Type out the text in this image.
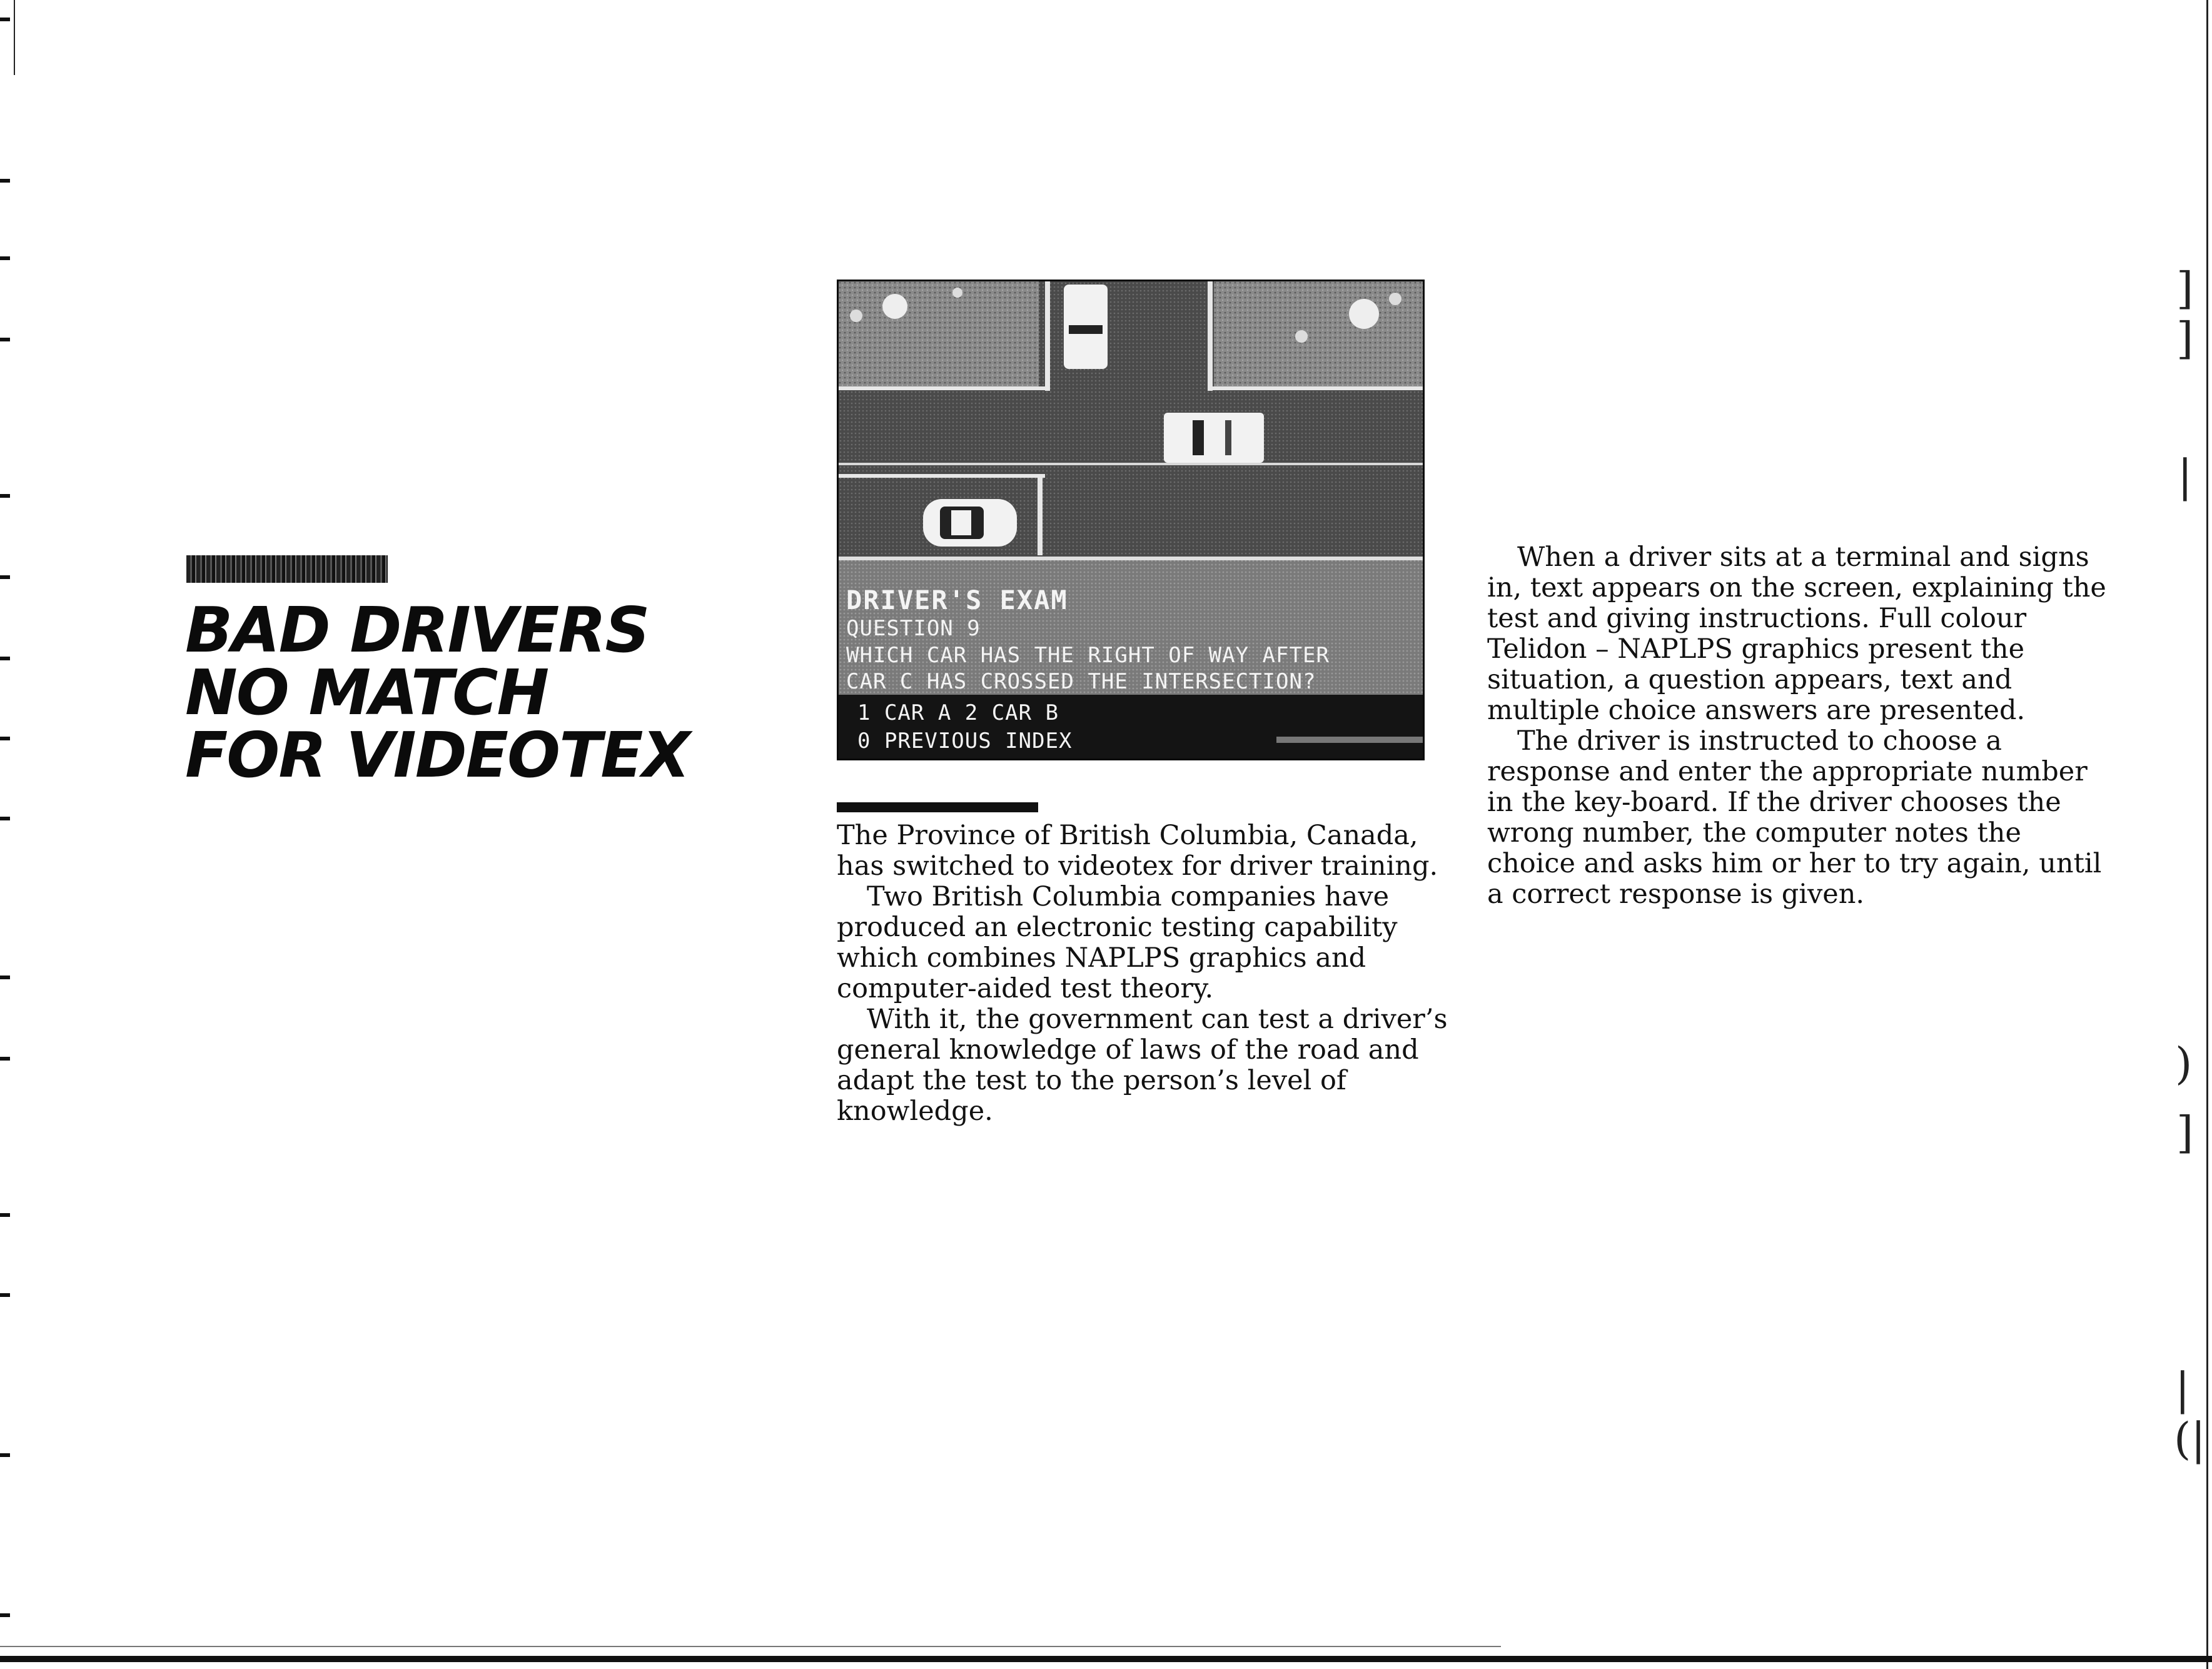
]
]
|
)
]
|
(|
BAD DRIVERS
NO MATCH
FOR VIDEOTEX
DRIVER'S EXAM
QUESTION 9
WHICH CAR HAS THE RIGHT OF WAY AFTER
CAR C HAS CROSSED THE INTERSECTION?
1 CAR A 2 CAR B
0 PREVIOUS INDEX

The Province of British Columbia, Canada, has switched to videotex for driver training.

Two British Columbia companies have produced an electronic testing capability which combines NAPLPS graphics and computer-aided test theory.

With it, the government can test a driver’s general knowledge of laws of the road and adapt the test to the person’s level of knowledge.

When a driver sits at a terminal and signs in, text appears on the screen, explaining the test and giving instructions. Full colour Telidon – NAPLPS graphics present the situation, a question appears, text and multiple choice answers are presented.

The driver is instructed to choose a response and enter the appropriate number in the key-board. If the driver chooses the wrong number, the computer notes the choice and asks him or her to try again, until a correct response is given.
